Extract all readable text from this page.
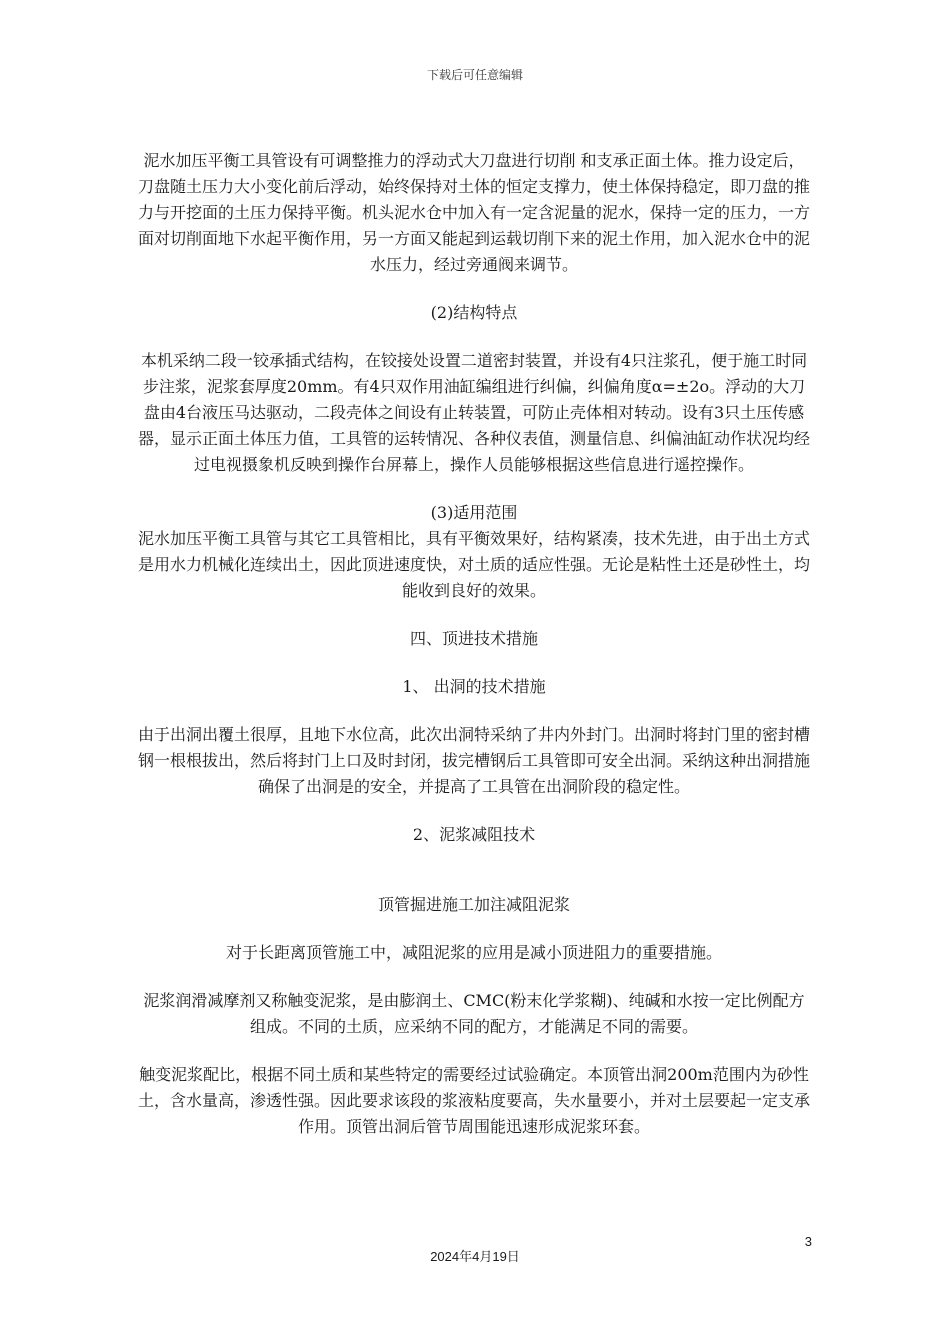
下载后可任意编辑

泥水加压平衡工具管设有可调整推力的浮动式大刀盘进行切削 和支承正面土体。推力设定后，刀盘随土压力大小变化前后浮动，始终保持对土体的恒定支撑力，使土体保持稳定，即刀盘的推力与开挖面的土压力保持平衡。机头泥水仓中加入有一定含泥量的泥水，保持一定的压力，一方面对切削面地下水起平衡作用，另一方面又能起到运载切削下来的泥土作用，加入泥水仓中的泥水压力，经过旁通阀来调节。

(2)结构特点

本机采纳二段一铰承插式结构，在铰接处设置二道密封装置，并设有4只注浆孔，便于施工时同步注浆，泥浆套厚度20mm。有4只双作用油缸编组进行纠偏，纠偏角度α=±2o。浮动的大刀盘由4台液压马达驱动，二段壳体之间设有止转装置，可防止壳体相对转动。设有3只土压传感器，显示正面土体压力值，工具管的运转情况、各种仪表值，测量信息、纠偏油缸动作状况均经过电视摄象机反映到操作台屏幕上，操作人员能够根据这些信息进行遥控操作。

(3)适用范围

泥水加压平衡工具管与其它工具管相比，具有平衡效果好，结构紧凑，技术先进，由于出土方式是用水力机械化连续出土，因此顶进速度快，对土质的适应性强。无论是粘性土还是砂性土，均能收到良好的效果。

四、顶进技术措施

1、 出洞的技术措施

由于出洞出覆土很厚，且地下水位高，此次出洞特采纳了井内外封门。出洞时将封门里的密封槽钢一根根拔出，然后将封门上口及时封闭，拔完槽钢后工具管即可安全出洞。采纳这种出洞措施确保了出洞是的安全，并提高了工具管在出洞阶段的稳定性。

2、泥浆减阻技术

顶管掘进施工加注减阻泥浆

对于长距离顶管施工中，减阻泥浆的应用是减小顶进阻力的重要措施。

泥浆润滑减摩剂又称触变泥浆，是由膨润土、CMC(粉末化学浆糊)、纯碱和水按一定比例配方组成。不同的土质，应采纳不同的配方，才能满足不同的需要。

触变泥浆配比，根据不同土质和某些特定的需要经过试验确定。本顶管出洞200m范围内为砂性土，含水量高，渗透性强。因此要求该段的浆液粘度要高，失水量要小，并对土层要起一定支承作用。顶管出洞后管节周围能迅速形成泥浆环套。

3
2024年4月19日
